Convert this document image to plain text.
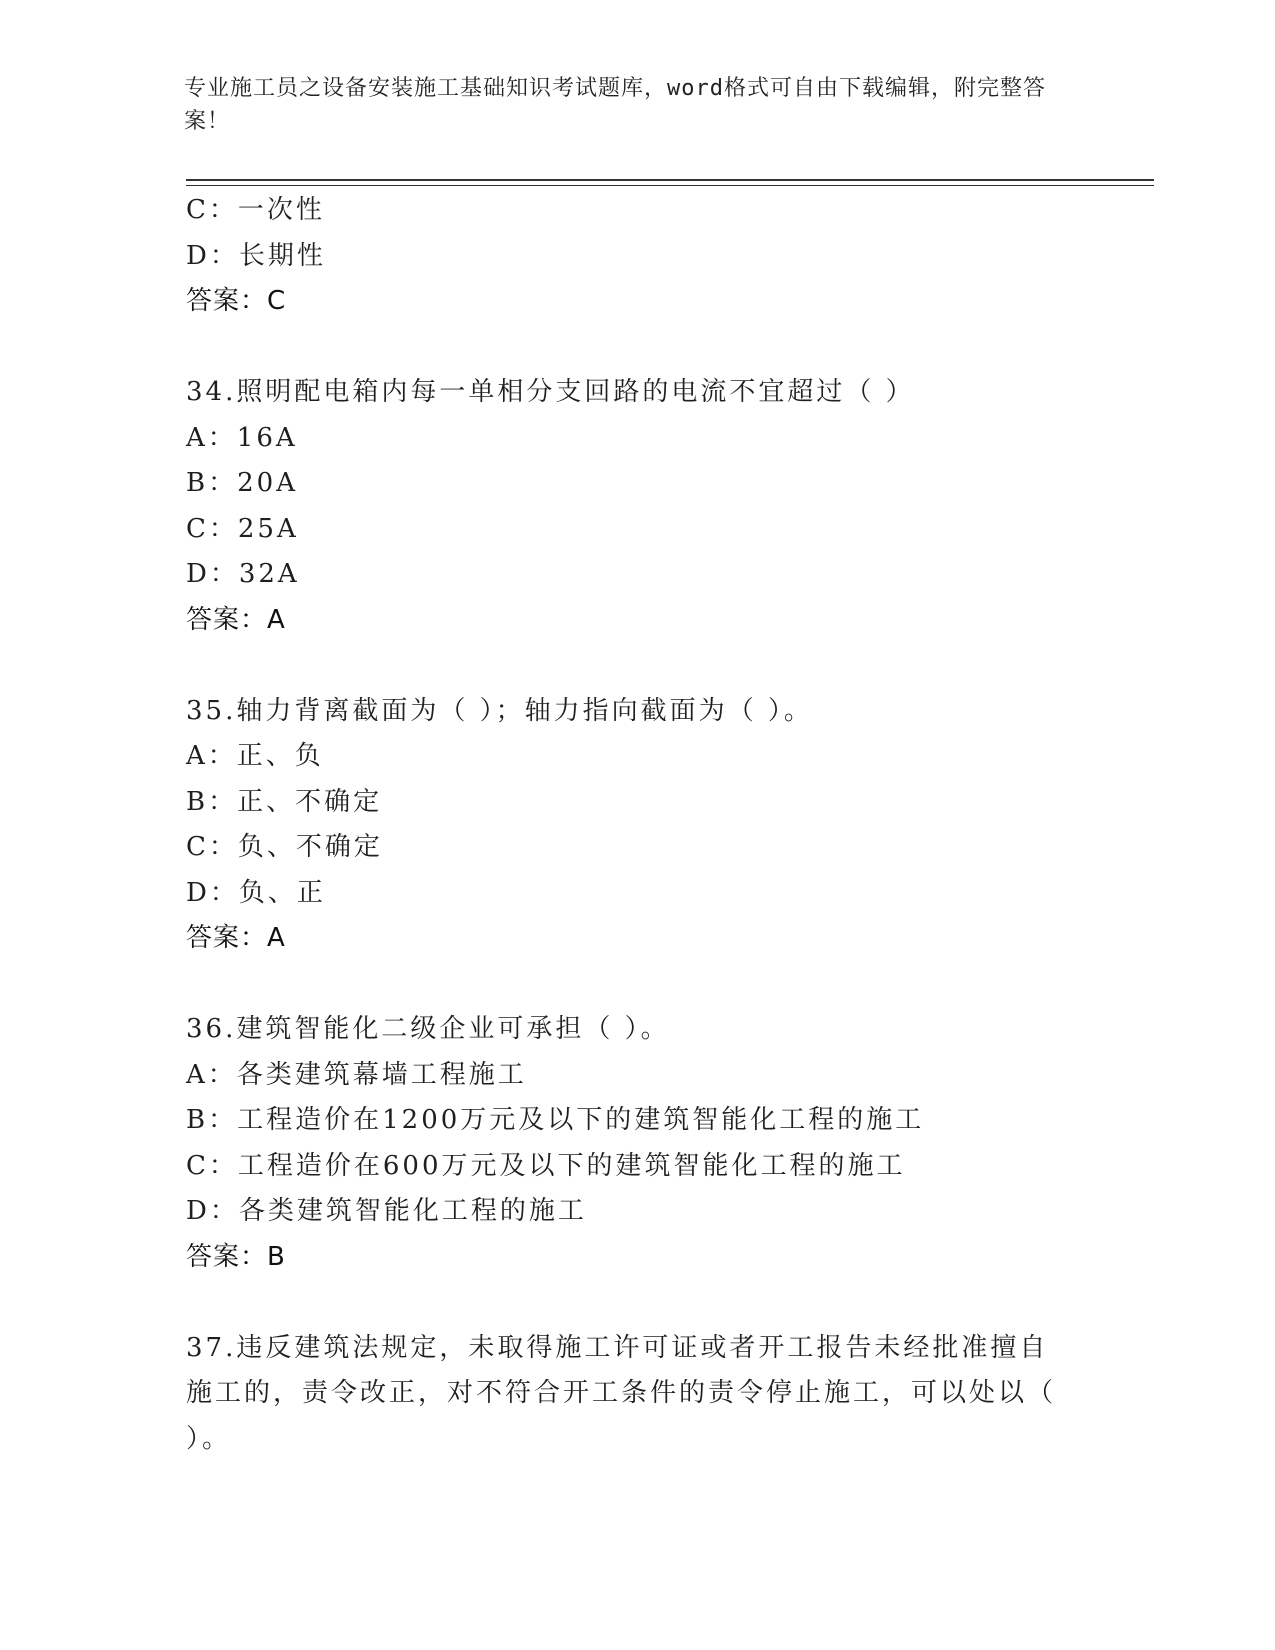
专业施工员之设备安装施工基础知识考试题库，word格式可自由下载编辑，附完整答案！
C：一次性
D：长期性
答案：C
34.照明配电箱内每一单相分支回路的电流不宜超过（ ）
A：16A
B：20A
C：25A
D：32A
答案：A
35.轴力背离截面为（ ）；轴力指向截面为（ ）。
A：正、负
B：正、不确定
C：负、不确定
D：负、正
答案：A
36.建筑智能化二级企业可承担（ ）。
A：各类建筑幕墙工程施工
B：工程造价在1200万元及以下的建筑智能化工程的施工
C：工程造价在600万元及以下的建筑智能化工程的施工
D：各类建筑智能化工程的施工
答案：B
37.违反建筑法规定，未取得施工许可证或者开工报告未经批准擅自施工的，责令改正，对不符合开工条件的责令停止施工，可以处以（ ）。
